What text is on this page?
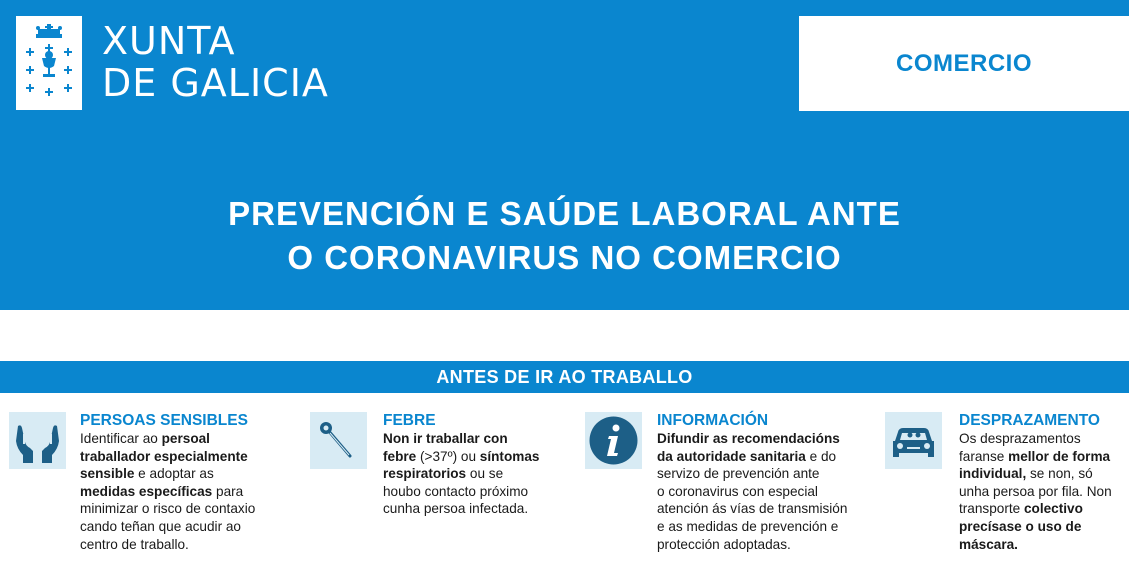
XUNTA
DE GALICIA	COMERCIO
PREVENCIÓN E SAÚDE LABORAL ANTE
O CORONAVIRUS NO COMERCIO
ANTES DE IR AO TRABALLO
PERSOAS SENSIBLES
Identificar ao persoal
traballador especialmente
sensible e adoptar as
medidas específicas para
minimizar o risco de contaxio
cando teñan que acudir ao
centro de traballo.
FEBRE
Non ir traballar con
febre (>37º) ou síntomas
respiratorios ou se
houbo contacto próximo
cunha persoa infectada.
INFORMACIÓN
Difundir as recomendacións
da autoridade sanitaria e do
servizo de prevención ante
o coronavirus con especial
atención ás vías de transmisión
e as medidas de prevención e
protección adoptadas.
DESPRAZAMENTO
Os desprazamentos
faranse mellor de forma
individual, se non, só
unha persoa por fila. Non
transporte colectivo
precísase o uso de
máscara.
